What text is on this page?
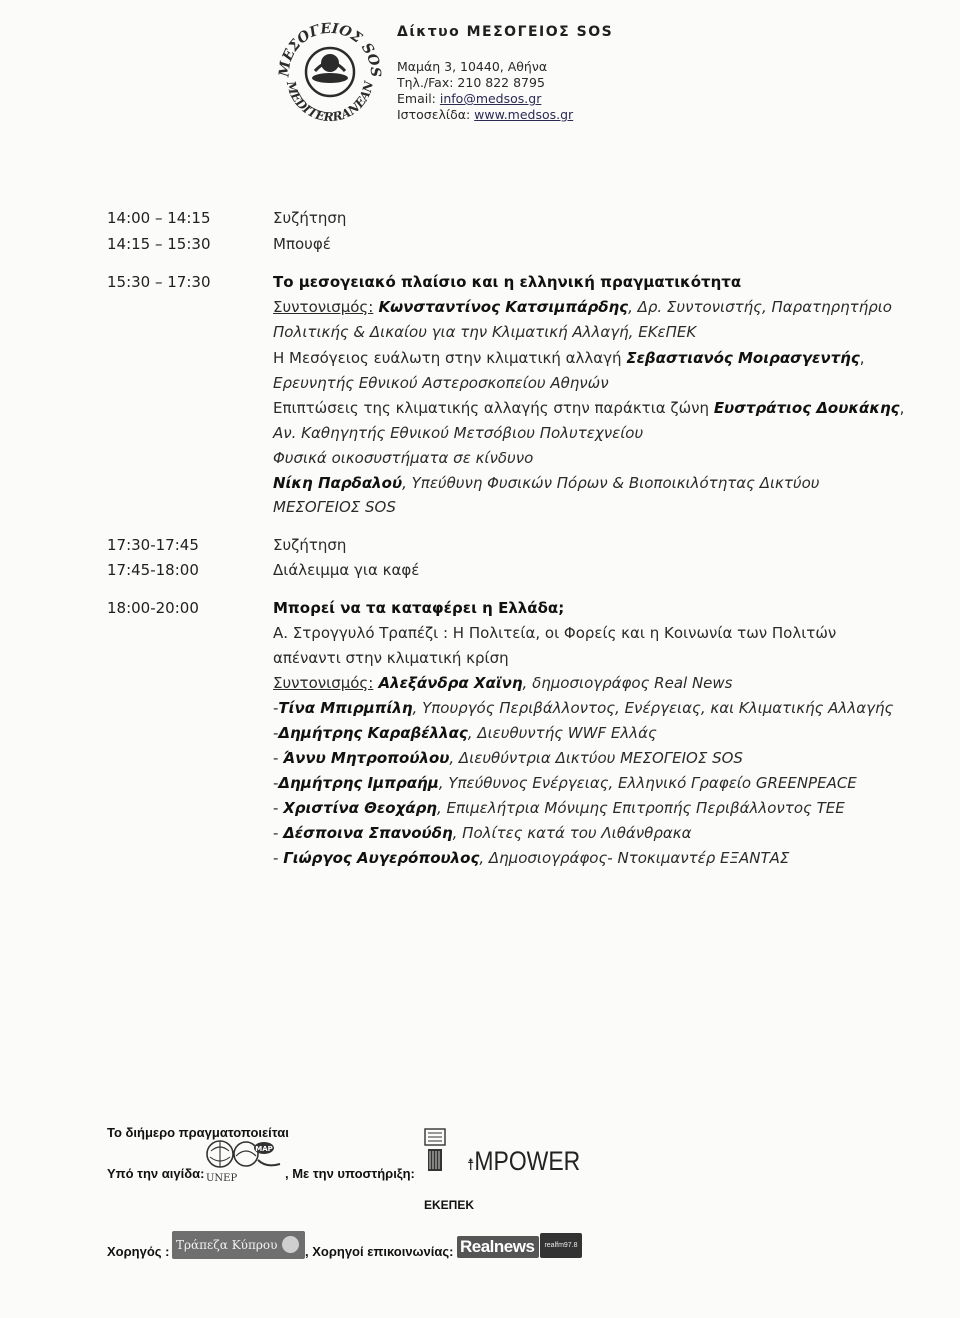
ΜΕΣΟΓΕΙΟΣ SOS
MEDITERRANEAN
Δίκτυο ΜΕΣΟΓΕΙΟΣ SOS
Μαμάη 3, 10440, Αθήνα
Τηλ./Fax: 210 822 8795
Email: info@medsos.gr
Ιστοσελίδα: www.medsos.gr
14:00 – 14:15	Συζήτηση
14:15 – 15:30	Μπουφέ
15:30 – 17:30	Το μεσογειακό πλαίσιο και η ελληνική πραγματικότητα
Συντονισμός: Κωνσταντίνος Κατσιμπάρδης, Δρ. Συντονιστής, Παρατηρητήριο
Πολιτικής & Δικαίου για την Κλιματική Αλλαγή, ΕΚεΠΕΚ
Η Μεσόγειος ευάλωτη στην κλιματική αλλαγή Σεβαστιανός Μοιρασγεντής,
Ερευνητής Εθνικού Αστεροσκοπείου Αθηνών
Επιπτώσεις της κλιματικής αλλαγής στην παράκτια ζώνη Ευστράτιος Δουκάκης,
Αν. Καθηγητής Εθνικού Μετσόβιου Πολυτεχνείου
Φυσικά οικοσυστήματα σε κίνδυνο
Νίκη Παρδαλού, Υπεύθυνη Φυσικών Πόρων & Βιοποικιλότητας Δικτύου
ΜΕΣΟΓΕΙΟΣ SOS
17:30-17:45	Συζήτηση
17:45-18:00	Διάλειμμα για καφέ
18:00-20:00	Μπορεί να τα καταφέρει η Ελλάδα;
Α. Στρογγυλό Τραπέζι : Η Πολιτεία, οι Φορείς και η Κοινωνία των Πολιτών
απέναντι στην κλιματική κρίση
Συντονισμός: Αλεξάνδρα Χαϊνη, δημοσιογράφος Real News
-Τίνα Μπιρμπίλη, Υπουργός Περιβάλλοντος, Ενέργειας, και Κλιματικής Αλλαγής
-Δημήτρης Καραβέλλας, Διευθυντής WWF Ελλάς
- Άννυ Μητροπούλου, Διευθύντρια Δικτύου ΜΕΣΟΓΕΙΟΣ SOS
-Δημήτρης Ιμπραήμ, Υπεύθυνος Ενέργειας, Ελληνικό Γραφείο GREENPEACE
- Χριστίνα Θεοχάρη, Επιμελήτρια Μόνιμης Επιτροπής Περιβάλλοντος ΤΕΕ
- Δέσποινα Σπανούδη, Πολίτες κατά του Λιθάνθρακα
- Γιώργος Αυγερόπουλος, Δημοσιογράφος- Ντοκιμαντέρ ΕΞΑΝΤΑΣ
Το διήμερο πραγματοποιείται
Υπό την αιγίδα:
MAP
UNEP	, Με την υποστήριξη:	☨MPOWER
ΕΚΕΠΕΚ
Χορηγός : Τράπεζα Κύπρου	, Χορηγοί επικοινωνίας: Realnews	realfm97.8
